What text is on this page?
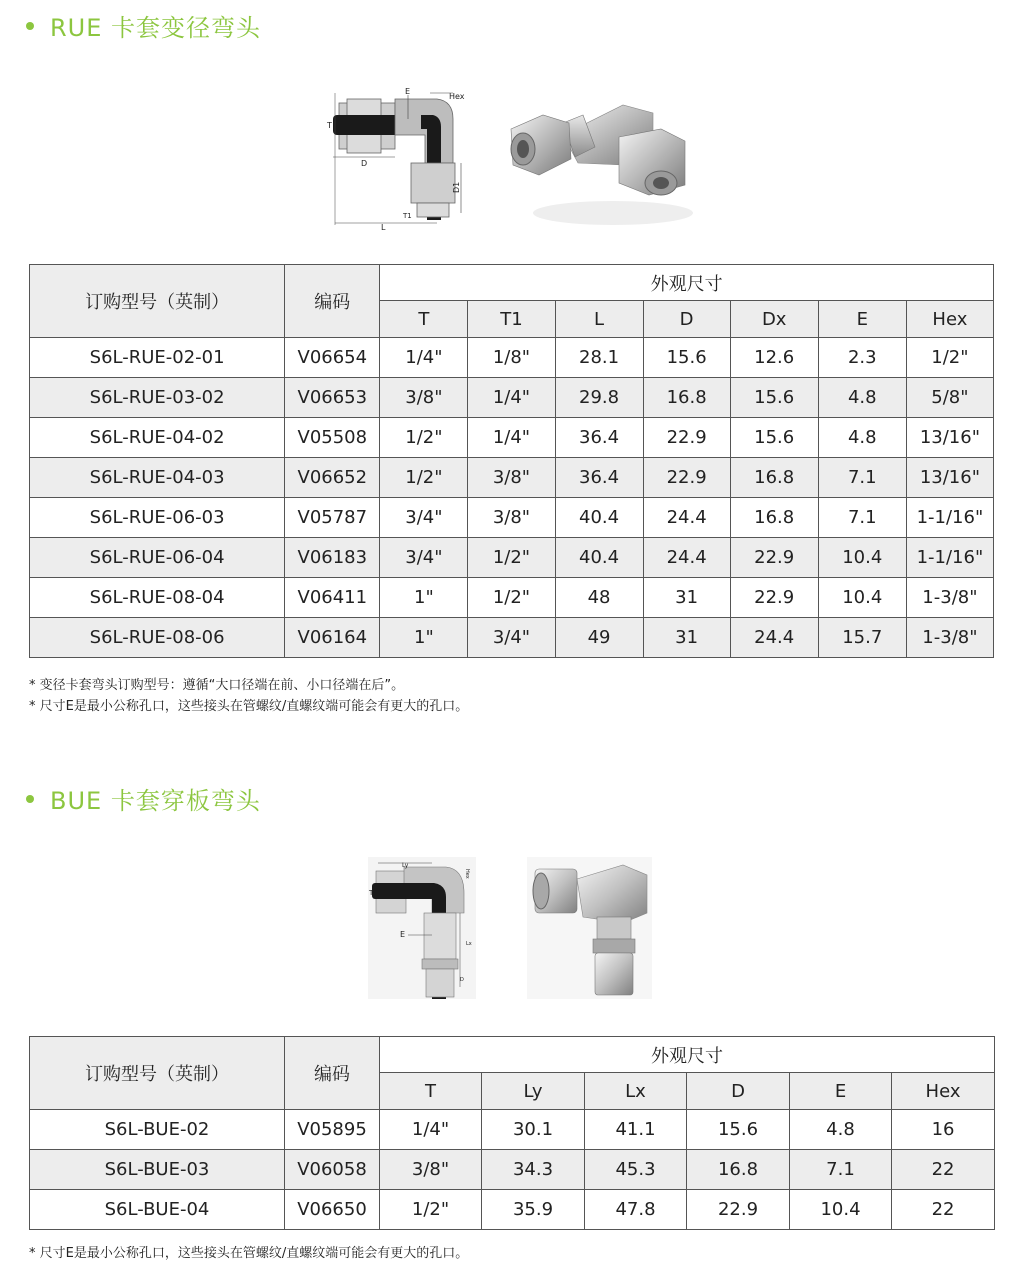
RUE 卡套变径弯头
E
Hex
T
D
D1
T1
L
订购型号（英制）	编码	外观尺寸						
		T	T1	L	D	Dx	E	Hex
S6L-RUE-02-01	V06654	1/4"	1/8"	28.1	15.6	12.6	2.3	1/2"
S6L-RUE-03-02	V06653	3/8"	1/4"	29.8	16.8	15.6	4.8	5/8"
S6L-RUE-04-02	V05508	1/2"	1/4"	36.4	22.9	15.6	4.8	13/16"
S6L-RUE-04-03	V06652	1/2"	3/8"	36.4	22.9	16.8	7.1	13/16"
S6L-RUE-06-03	V05787	3/4"	3/8"	40.4	24.4	16.8	7.1	1-1/16"
S6L-RUE-06-04	V06183	3/4"	1/2"	40.4	24.4	22.9	10.4	1-1/16"
S6L-RUE-08-04	V06411	1"	1/2"	48	31	22.9	10.4	1-3/8"
S6L-RUE-08-06	V06164	1"	3/4"	49	31	24.4	15.7	1-3/8"
* 变径卡套弯头订购型号：遵循“大口径端在前、小口径端在后”。
* 尺寸E是最小公称孔口，这些接头在管螺纹/直螺纹端可能会有更大的孔口。
BUE 卡套穿板弯头
Ly
Hex
T
E
Lx
D
订购型号（英制）	编码	外观尺寸					
		T	Ly	Lx	D	E	Hex
S6L-BUE-02	V05895	1/4"	30.1	41.1	15.6	4.8	16
S6L-BUE-03	V06058	3/8"	34.3	45.3	16.8	7.1	22
S6L-BUE-04	V06650	1/2"	35.9	47.8	22.9	10.4	22
* 尺寸E是最小公称孔口，这些接头在管螺纹/直螺纹端可能会有更大的孔口。
